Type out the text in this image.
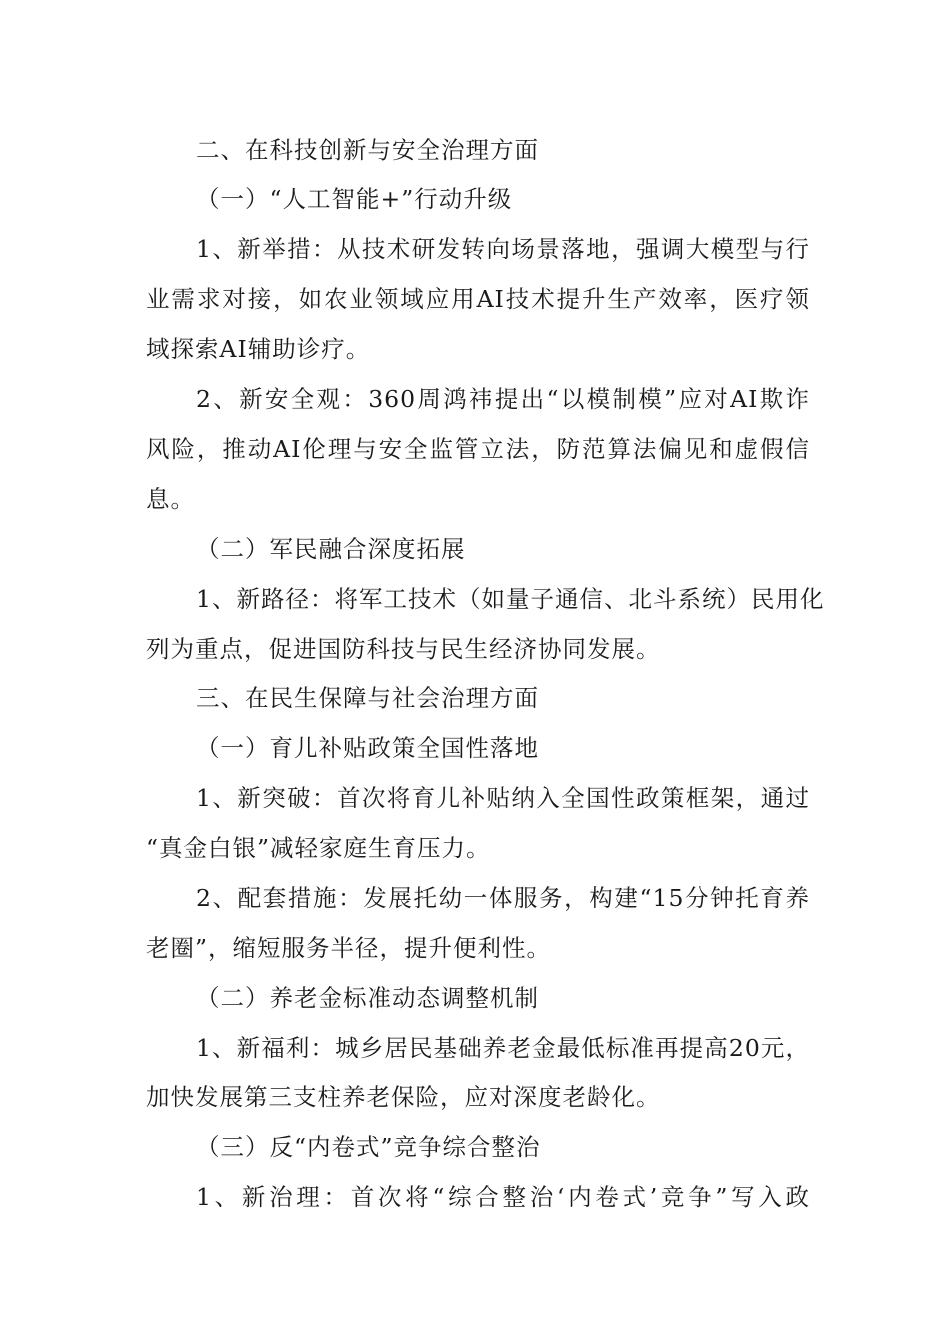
二、在科技创新与安全治理方面
（一）“人工智能+”行动升级
1、新举措：从技术研发转向场景落地，强调大模型与行
业需求对接，如农业领域应用AI技术提升生产效率，医疗领
域探索AI辅助诊疗。
2、新安全观：360周鸿祎提出“以模制模”应对AI欺诈
风险，推动AI伦理与安全监管立法，防范算法偏见和虚假信
息。
（二）军民融合深度拓展
1、新路径：将军工技术（如量子通信、北斗系统）民用化
列为重点，促进国防科技与民生经济协同发展。
三、在民生保障与社会治理方面
（一）育儿补贴政策全国性落地
1、新突破：首次将育儿补贴纳入全国性政策框架，通过
“真金白银”减轻家庭生育压力。
2、配套措施：发展托幼一体服务，构建“15分钟托育养
老圈”，缩短服务半径，提升便利性。
（二）养老金标准动态调整机制
1、新福利：城乡居民基础养老金最低标准再提高20元，
加快发展第三支柱养老保险，应对深度老龄化。
（三）反“内卷式”竞争综合整治
1、新治理：首次将“综合整治‘内卷式’竞争”写入政
